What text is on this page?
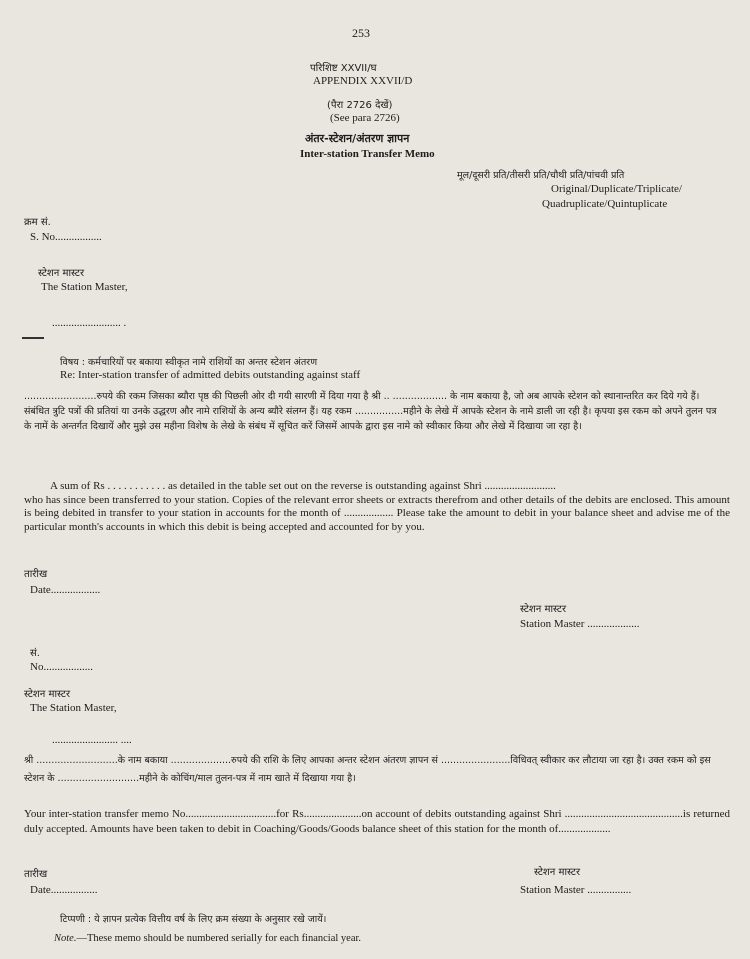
253
परिशिष्ट XXVII/घ
APPENDIX XXVII/D
(पैरा 2726 देखें)
(See para 2726)
अंतर-स्टेशन/अंतरण ज्ञापन
Inter-station Transfer Memo
मूल/दूसरी प्रति/तीसरी प्रति/चौथी प्रति/पांचवी प्रति
Original/Duplicate/Triplicate/
Quadruplicate/Quintuplicate
क्रम सं.
S. No.................
स्टेशन मास्टर
The Station Master,
......................... .
विषय : कर्मचारियों पर बकाया स्वीकृत नामे राशियों का अन्तर स्टेशन अंतरण
Re: Inter-station transfer of admitted debits outstanding against staff
........................रुपये की रकम जिसका ब्यौरा पृष्ठ की पिछली ओर दी गयी सारणी में दिया गया है श्री .. .................. के नाम बकाया है, जो अब आपके स्टेशन को स्थानान्तरित कर दिये गये हैं। संबंधित त्रुटि पत्रों की प्रतियां या उनके उद्धरण और नामे राशियों के अन्य ब्यौरे संलग्न हैं। यह रकम ................महीने के लेखे में आपके स्टेशन के नामे डाली जा रही है। कृपया इस रकम को अपने तुलन पत्र के नामें के अन्तर्गत दिखायें और मुझे उस महीना विशेष के लेखे के संबंध में सूचित करें जिसमें आपके द्वारा इस नामे को स्वीकार किया और लेखे में दिखाया जा रहा है।
A sum of Rs . . . . . . . . . . . as detailed in the table set out on the reverse is outstanding against Shri ..........................
who has since been transferred to your station. Copies of the relevant error sheets or extracts therefrom and other details of the debits are enclosed. This amount is being debited in transfer to your station in accounts for the month of .................. Please take the amount to debit in your balance sheet and advise me of the particular month's accounts in which this debit is being accepted and accounted for by you.
तारीख
Date..................
स्टेशन मास्टर
Station Master ...................
सं.
No..................
स्टेशन मास्टर
The Station Master,
........................ ....
श्री ...........................के नाम बकाया ....................रुपये की राशि के लिए आपका अन्तर स्टेशन अंतरण ज्ञापन सं .......................विधिवत् स्वीकार कर लौटाया जा रहा है। उक्त रकम को इस स्टेशन के ...........................महीने के कोचिंग/माल तुलन-पत्र में नाम खाते में दिखाया गया है।
Your inter-station transfer memo No.................................for Rs.....................on account of debits outstanding against Shri ...........................................is returned duly accepted. Amounts have been taken to debit in Coaching/Goods/Goods balance sheet of this station for the month of...................
तारीख
Date.................
स्टेशन मास्टर
Station Master ................
टिप्पणी : ये ज्ञापन प्रत्येक वित्तीय वर्ष के लिए क्रम संख्या के अनुसार रखे जायें।
Note.—These memo should be numbered serially for each financial year.
